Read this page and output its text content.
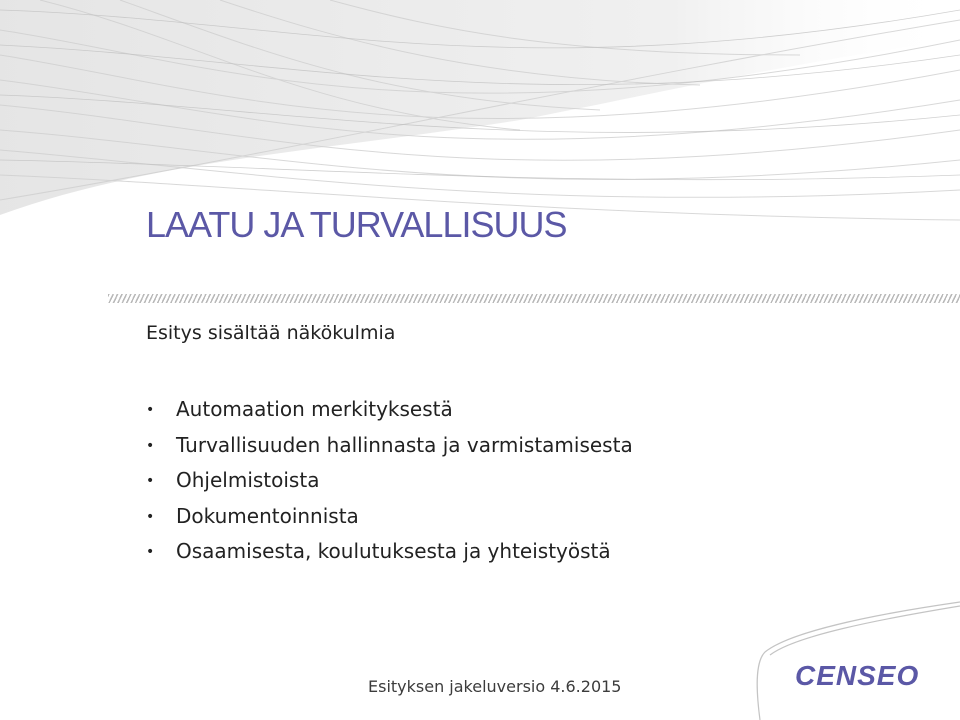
LAATU JA TURVALLISUUS
Esitys sisältää näkökulmia
• Automaation merkityksestä
• Turvallisuuden hallinnasta ja varmistamisesta
• Ohjelmistoista
• Dokumentoinnista
• Osaamisesta, koulutuksesta ja yhteistyöstä
Esityksen jakeluversio 4.6.2015	CENSEO
